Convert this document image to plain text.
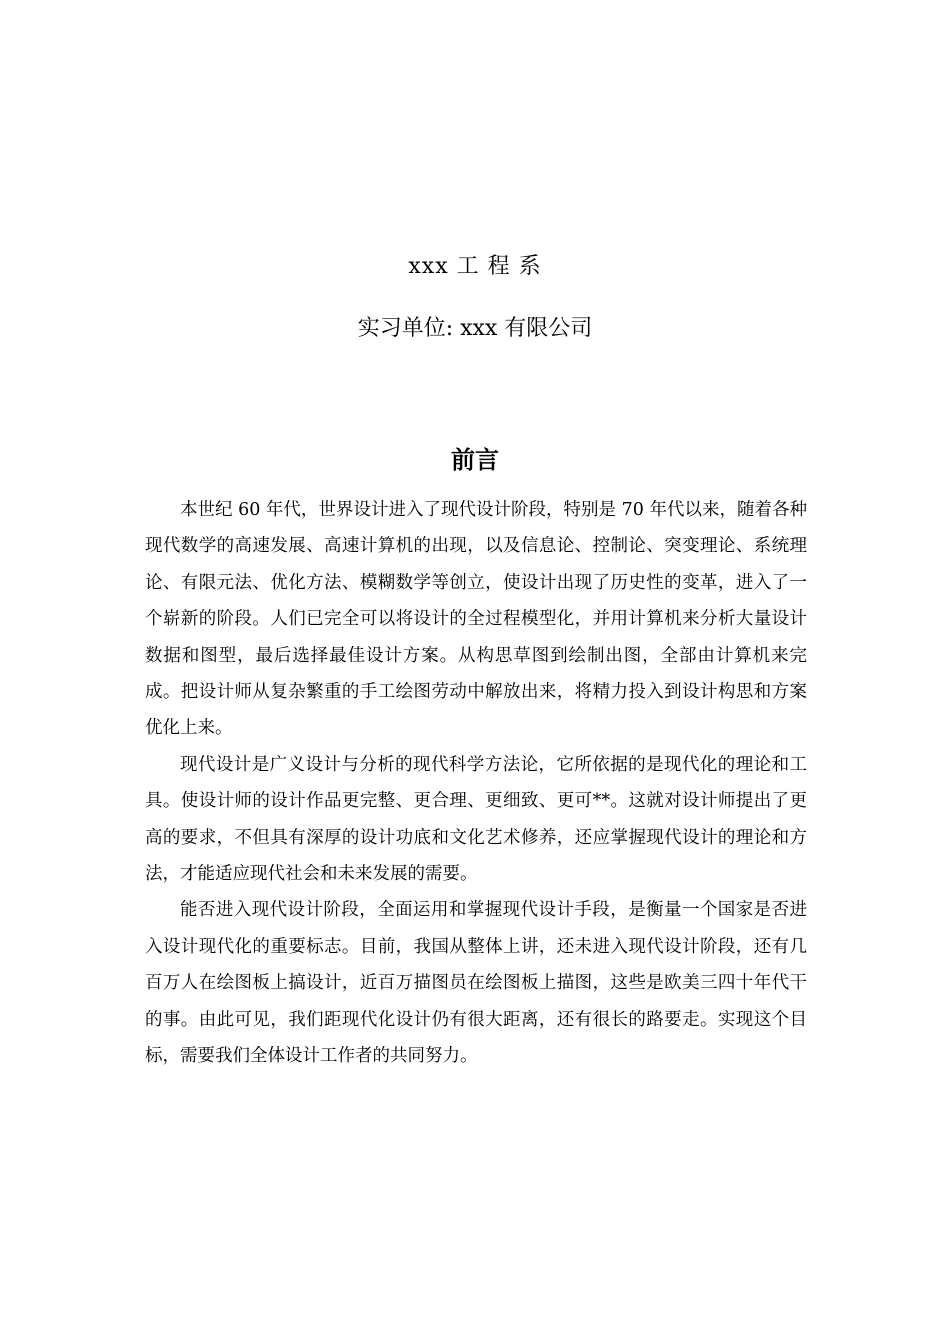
xxx 工 程 系
实习单位: xxx 有限公司
前言

本世纪 60 年代，世界设计进入了现代设计阶段，特别是 70 年代以来，随着各种现代数学的高速发展、高速计算机的出现，以及信息论、控制论、突变理论、系统理论、有限元法、优化方法、模糊数学等创立，使设计出现了历史性的变革，进入了一个崭新的阶段。人们已完全可以将设计的全过程模型化，并用计算机来分析大量设计数据和图型，最后选择最佳设计方案。从构思草图到绘制出图，全部由计算机来完成。把设计师从复杂繁重的手工绘图劳动中解放出来，将精力投入到设计构思和方案优化上来。

现代设计是广义设计与分析的现代科学方法论，它所依据的是现代化的理论和工具。使设计师的设计作品更完整、更合理、更细致、更可**。这就对设计师提出了更高的要求，不但具有深厚的设计功底和文化艺术修养，还应掌握现代设计的理论和方法，才能适应现代社会和未来发展的需要。

能否进入现代设计阶段，全面运用和掌握现代设计手段，是衡量一个国家是否进入设计现代化的重要标志。目前，我国从整体上讲，还未进入现代设计阶段，还有几百万人在绘图板上搞设计，近百万描图员在绘图板上描图，这些是欧美三四十年代干的事。由此可见，我们距现代化设计仍有很大距离，还有很长的路要走。实现这个目标，需要我们全体设计工作者的共同努力。
